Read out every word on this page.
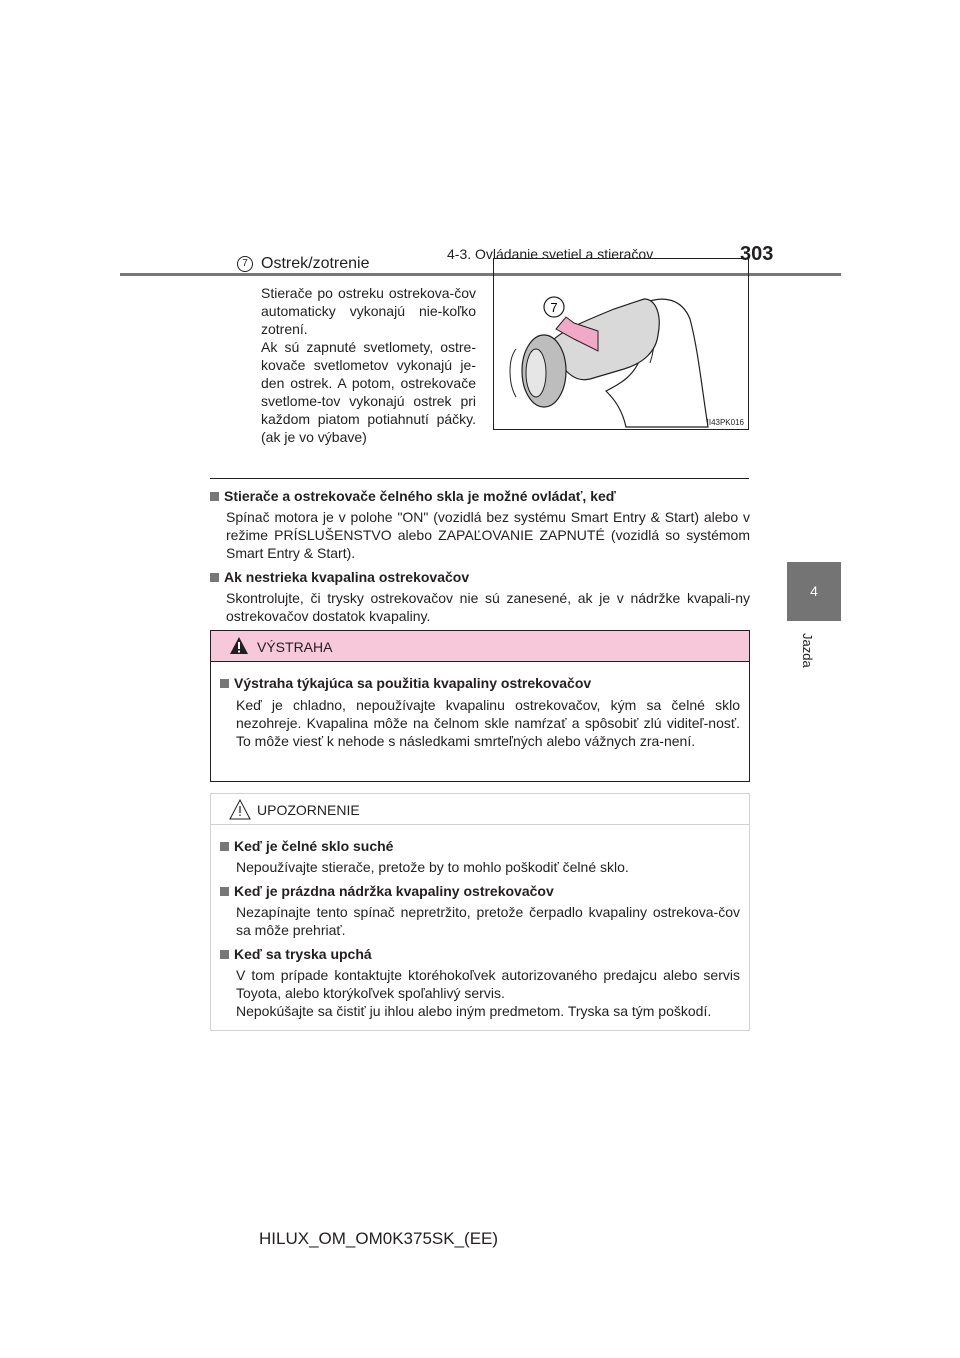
4-3. Ovládanie svetiel a stieračov	303
4
Jazda
7 Ostrek/zotrenie
Stierače po ostreku ostrekova-čov automaticky vykonajú nie-koľko zotrení.
Ak sú zapnuté svetlomety, ostre-kovače svetlometov vykonajú je-den ostrek. A potom, ostrekovače svetlome-tov vykonajú ostrek pri každom piatom potiahnutí páčky. (ak je vo výbave)
7
II43PK016
Stierače a ostrekovače čelného skla je možné ovládať, keď
Spínač motora je v polohe "ON" (vozidlá bez systému Smart Entry & Start) alebo v režime PRÍSLUŠENSTVO alebo ZAPAĽOVANIE ZAPNUTÉ (vozidlá so systémom Smart Entry & Start).
Ak nestrieka kvapalina ostrekovačov
Skontrolujte, či trysky ostrekovačov nie sú zanesené, ak je v nádržke kvapali-ny ostrekovačov dostatok kvapaliny.
VÝSTRAHA
Výstraha týkajúca sa použitia kvapaliny ostrekovačov
Keď je chladno, nepoužívajte kvapalinu ostrekovačov, kým sa čelné sklo nezohreje. Kvapalina môže na čelnom skle namŕzať a spôsobiť zlú viditeľ-nosť. To môže viesť k nehode s následkami smrteľných alebo vážnych zra-není.
UPOZORNENIE
Keď je čelné sklo suché
Nepoužívajte stierače, pretože by to mohlo poškodiť čelné sklo.
Keď je prázdna nádržka kvapaliny ostrekovačov
Nezapínajte tento spínač nepretržito, pretože čerpadlo kvapaliny ostrekova-čov sa môže prehriať.
Keď sa tryska upchá
V tom prípade kontaktujte ktoréhokoľvek autorizovaného predajcu alebo servis Toyota, alebo ktorýkoľvek spoľahlivý servis.
Nepokúšajte sa čistiť ju ihlou alebo iným predmetom. Tryska sa tým poškodí.
HILUX_OM_OM0K375SK_(EE)
